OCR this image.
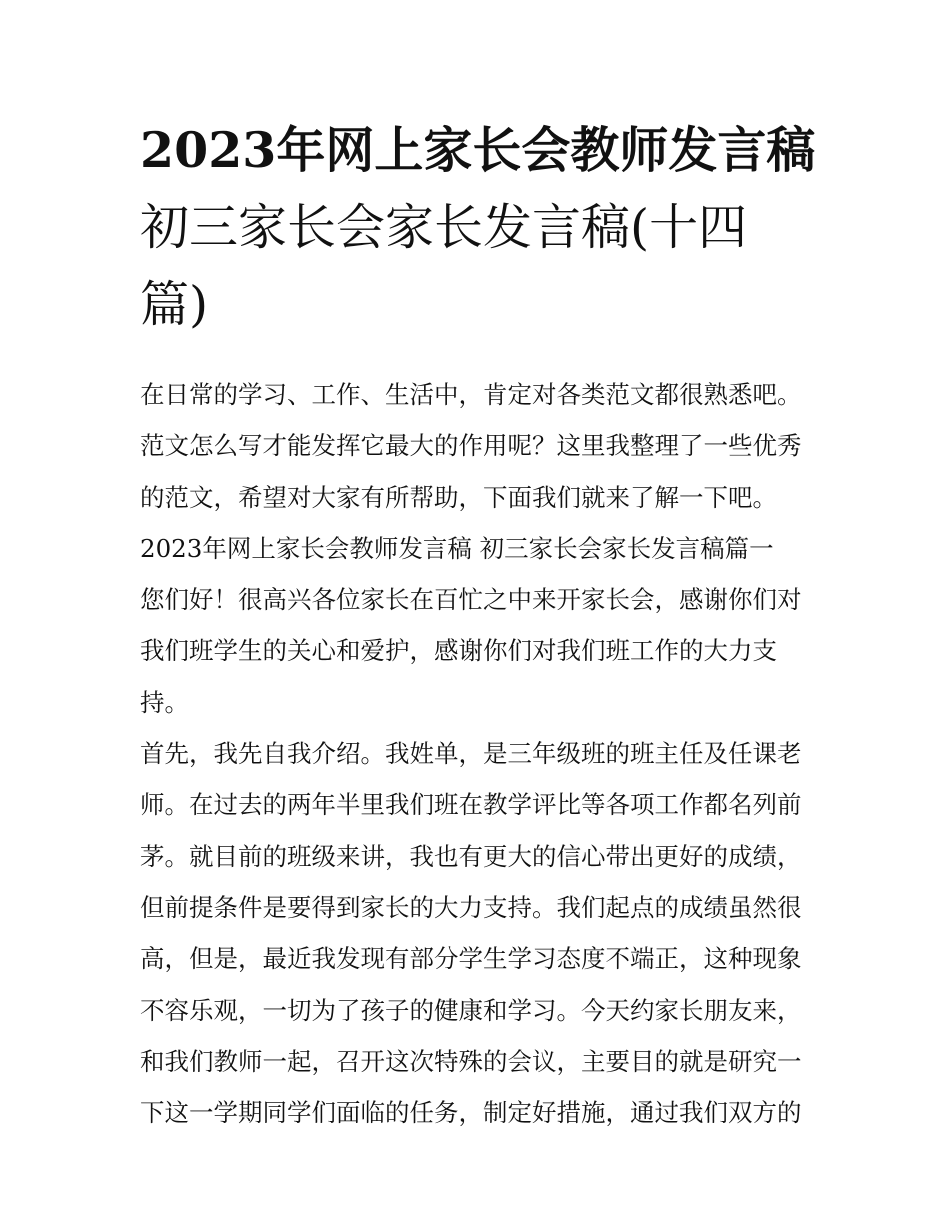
2023年网上家长会教师发言稿
初三家长会家长发言稿(十四
篇)
在日常的学习、工作、生活中，肯定对各类范文都很熟悉吧。
范文怎么写才能发挥它最大的作用呢？这里我整理了一些优秀
的范文，希望对大家有所帮助，下面我们就来了解一下吧。
2023年网上家长会教师发言稿 初三家长会家长发言稿篇一
您们好！很高兴各位家长在百忙之中来开家长会，感谢你们对
我们班学生的关心和爱护，感谢你们对我们班工作的大力支
持。
首先，我先自我介绍。我姓单，是三年级班的班主任及任课老
师。在过去的两年半里我们班在教学评比等各项工作都名列前
茅。就目前的班级来讲，我也有更大的信心带出更好的成绩，
但前提条件是要得到家长的大力支持。我们起点的成绩虽然很
高，但是，最近我发现有部分学生学习态度不端正，这种现象
不容乐观，一切为了孩子的健康和学习。今天约家长朋友来，
和我们教师一起，召开这次特殊的会议，主要目的就是研究一
下这一学期同学们面临的任务，制定好措施，通过我们双方的
